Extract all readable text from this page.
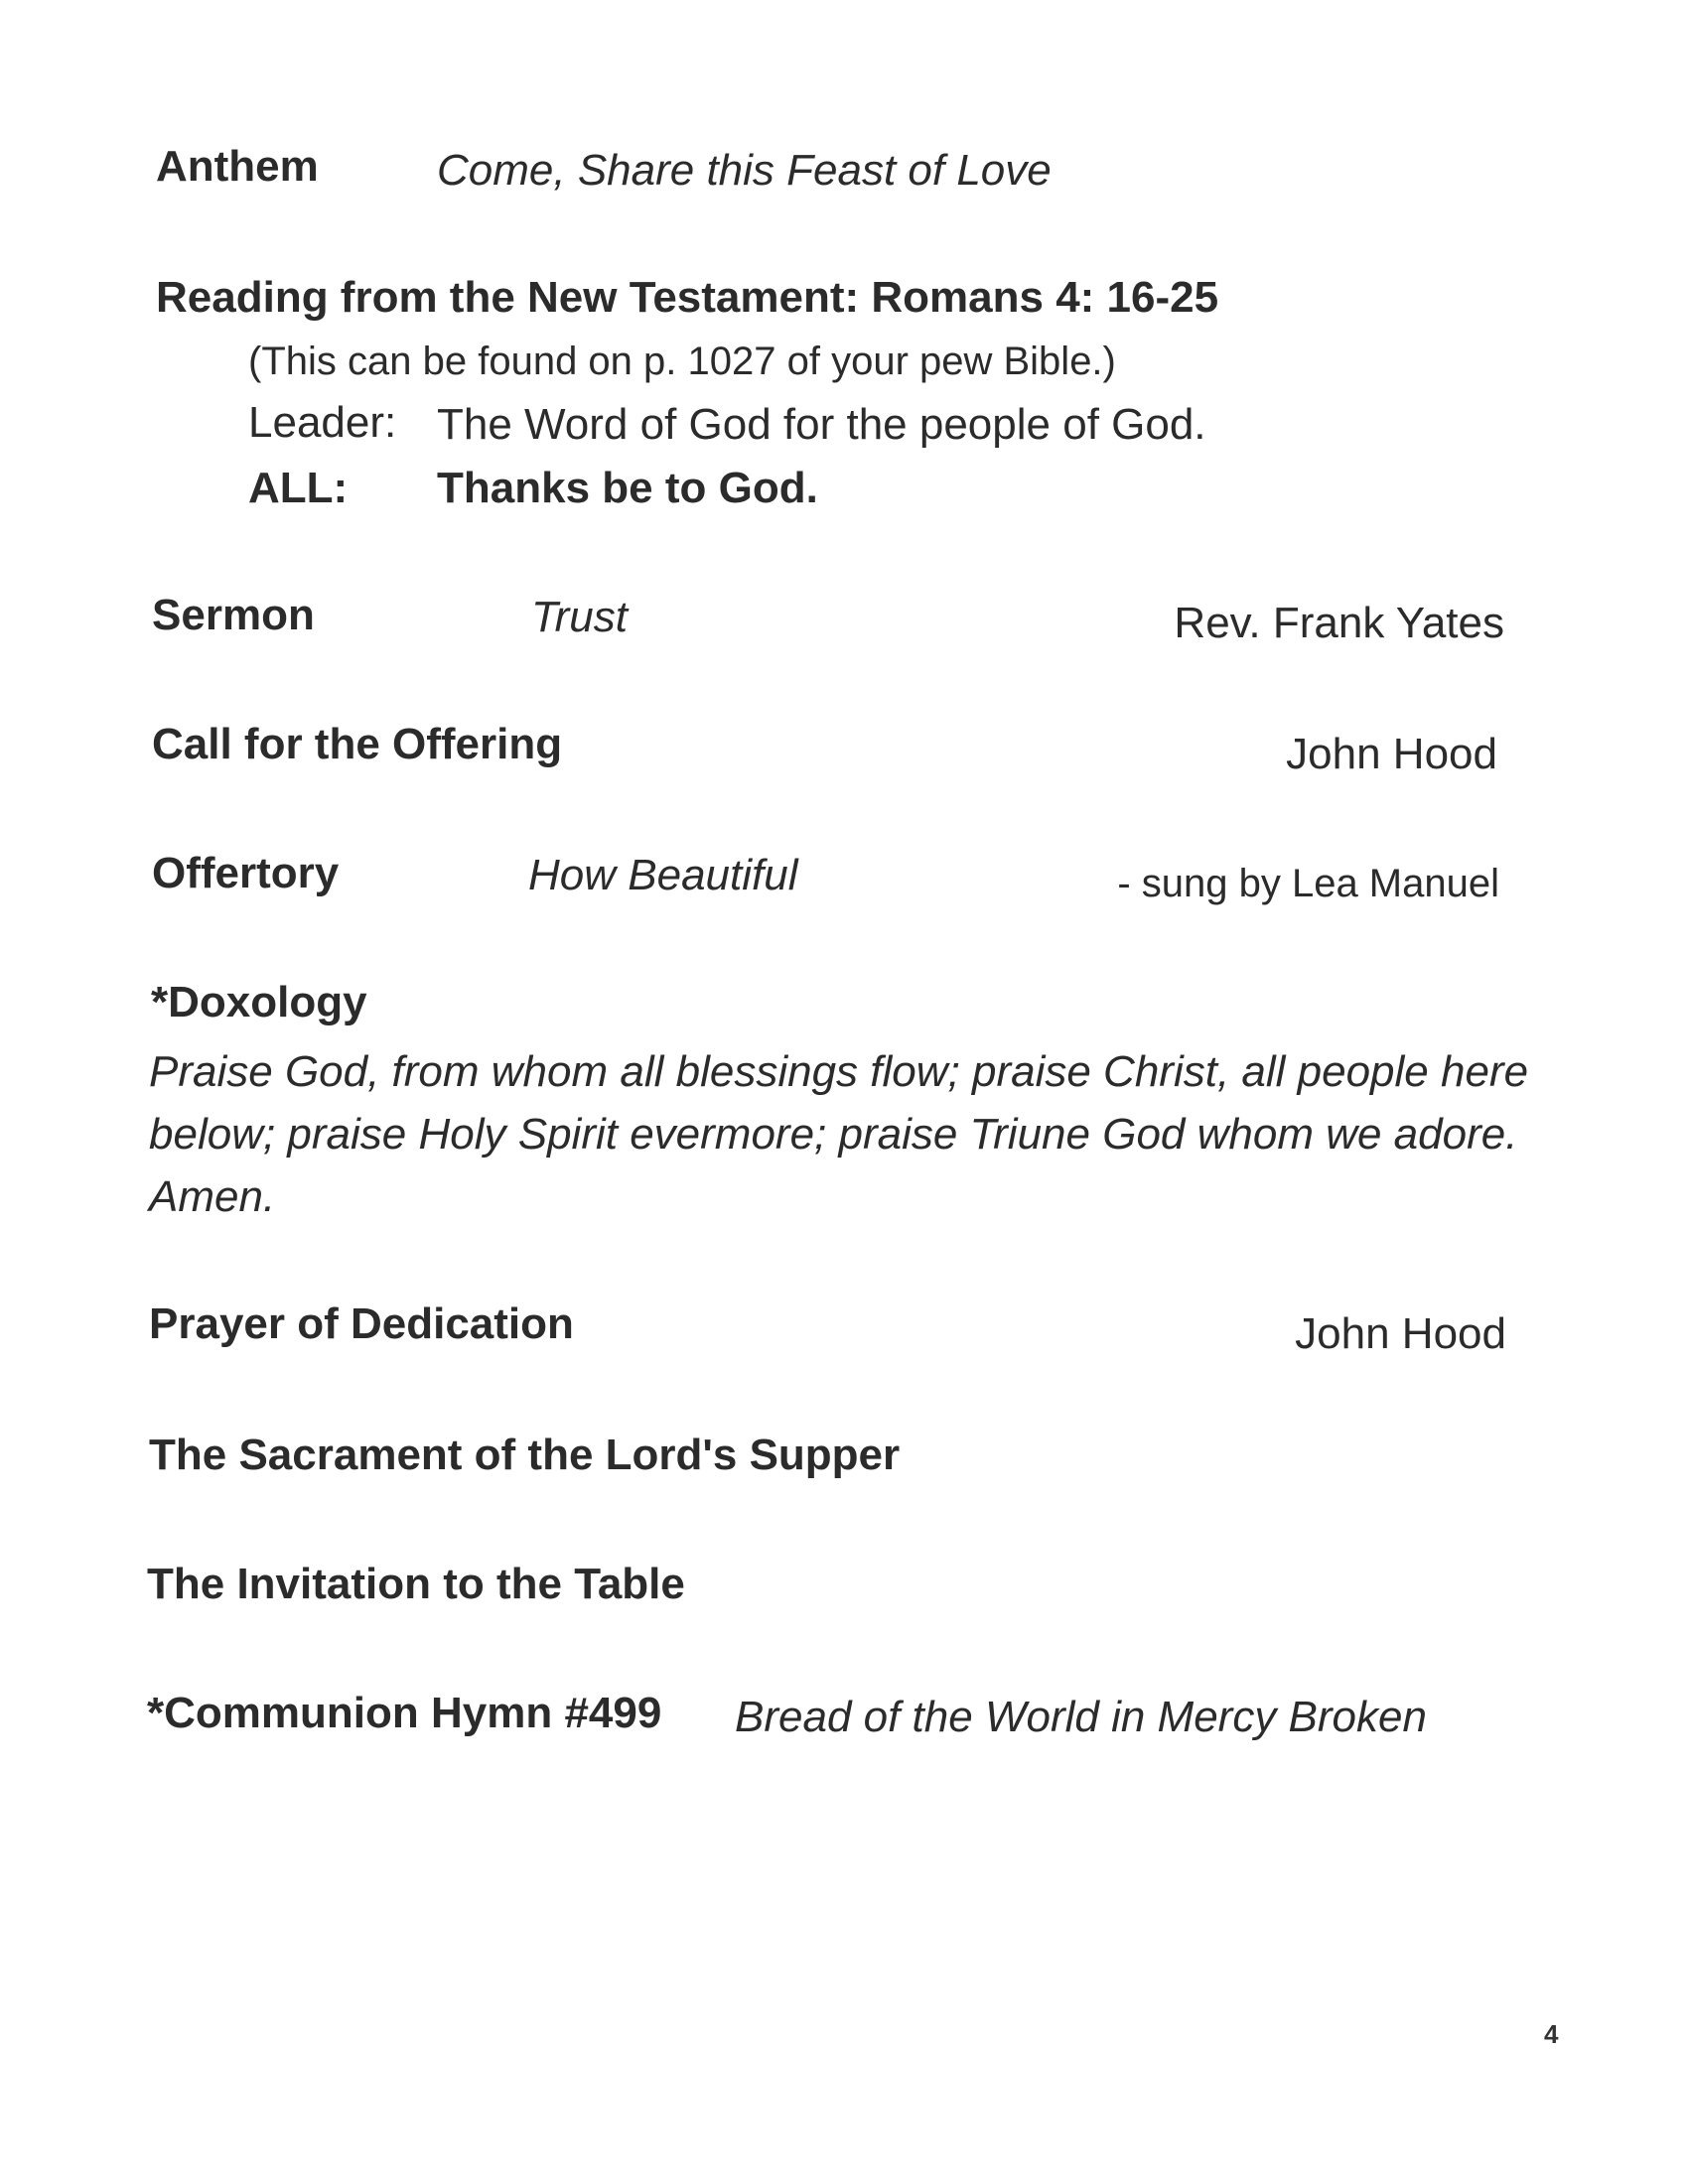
Anthem	Come, Share this Feast of Love
Reading from the New Testament: Romans 4: 16-25
(This can be found on p. 1027 of your pew Bible.)
Leader: The Word of God for the people of God.
ALL: Thanks be to God.
Sermon	Trust	Rev. Frank Yates
Call for the Offering	John Hood
Offertory	How Beautiful	- sung by Lea Manuel
*Doxology
Praise God, from whom all blessings flow; praise Christ, all people here below; praise Holy Spirit evermore; praise Triune God whom we adore. Amen.
Prayer of Dedication	John Hood
The Sacrament of the Lord's Supper
The Invitation to the Table
*Communion Hymn #499 Bread of the World in Mercy Broken
4
